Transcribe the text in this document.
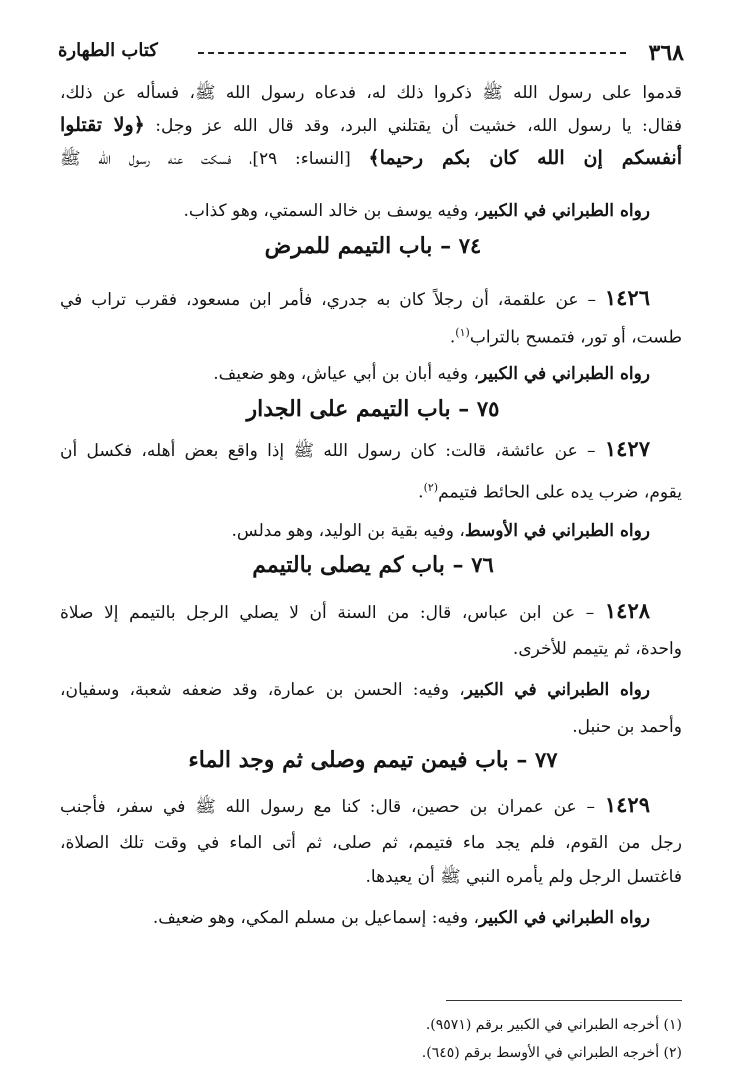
٣٦٨
كتاب الطهارة
قدموا على رسول الله ﷺ ذكروا ذلك له، فدعاه رسول الله ﷺ، فسأله عن ذلك،
فقال: يا رسول الله، خشيت أن يقتلني البرد، وقد قال الله عز وجل: ﴿ولا تقتلوا
أنفسكم إن الله كان بكم رحيما﴾ [النساء: ٢٩]، فسكت عنه رسول الله ﷺ
رواه الطبراني في الكبير، وفيه يوسف بن خالد السمتي، وهو كذاب.
٧٤ – باب التيمم للمرض
١٤٢٦ – عن علقمة، أن رجلاً كان به جدري، فأمر ابن مسعود، فقرب تراب في
طست، أو تور، فتمسح بالتراب$^{(١)}$.
رواه الطبراني في الكبير، وفيه أبان بن أبي عياش، وهو ضعيف.
٧٥ – باب التيمم على الجدار
١٤٢٧ – عن عائشة، قالت: كان رسول الله ﷺ إذا واقع بعض أهله، فكسل أن
يقوم، ضرب يده على الحائط فتيمم$^{(٢)}$.
رواه الطبراني في الأوسط، وفيه بقية بن الوليد، وهو مدلس.
٧٦ – باب كم يصلى بالتيمم
١٤٢٨ – عن ابن عباس، قال: من السنة أن لا يصلي الرجل بالتيمم إلا صلاة
واحدة، ثم يتيمم للأخرى.
رواه الطبراني في الكبير، وفيه: الحسن بن عمارة، وقد ضعفه شعبة، وسفيان،
وأحمد بن حنبل.
٧٧ – باب فيمن تيمم وصلى ثم وجد الماء
١٤٢٩ – عن عمران بن حصين، قال: كنا مع رسول الله ﷺ في سفر، فأجنب
رجل من القوم، فلم يجد ماء فتيمم، ثم صلى، ثم أتى الماء في وقت تلك الصلاة،
فاغتسل الرجل ولم يأمره النبي ﷺ أن يعيدها.
رواه الطبراني في الكبير، وفيه: إسماعيل بن مسلم المكي، وهو ضعيف.
(١) أخرجه الطبراني في الكبير برقم (٩٥٧١).
(٢) أخرجه الطبراني في الأوسط برقم (٦٤٥).
